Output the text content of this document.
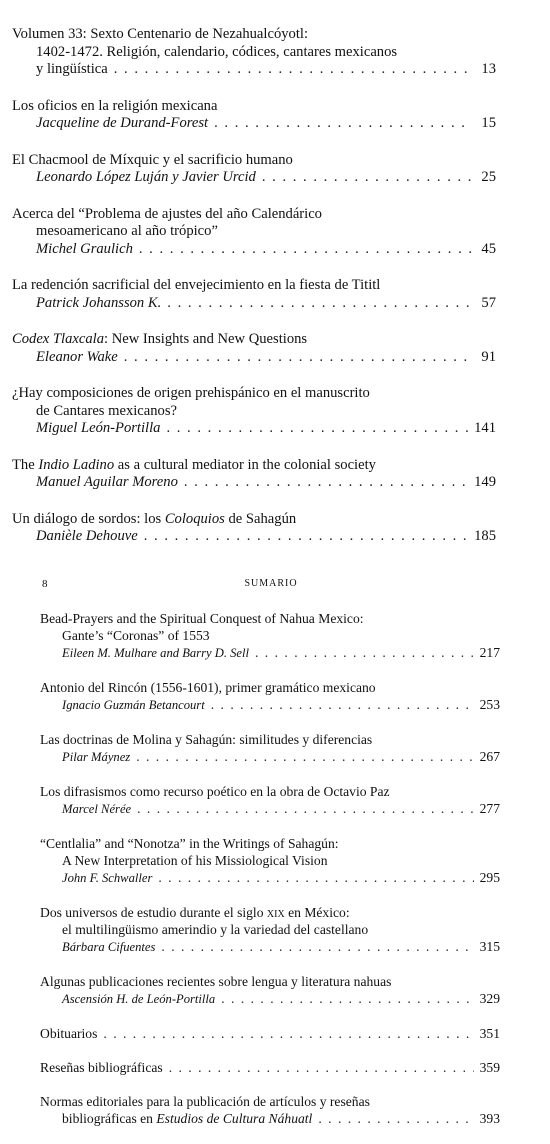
Volumen 33: Sexto Centenario de Nezahualcóyotl:
1402-1472. Religión, calendario, códices, cantares mexicanos
y lingüística . . .	13
Los oficios en la religión mexicana
Jacqueline de Durand-Forest . . .	15
El Chacmool de Míxquic y el sacrificio humano
Leonardo López Luján y Javier Urcid . . .	25
Acerca del “Problema de ajustes del año Calendárico
mesoamericano al año trópico”
Michel Graulich . . .	45
La redención sacrificial del envejecimiento en la fiesta de Tititl
Patrick Johansson K. . . .	57
Codex Tlaxcala: New Insights and New Questions
Eleanor Wake . . .	91
¿Hay composiciones de origen prehispánico en el manuscrito
de Cantares mexicanos?
Miguel León-Portilla . . .	141
The Indio Ladino as a cultural mediator in the colonial society
Manuel Aguilar Moreno . . .	149
Un diálogo de sordos: los Coloquios de Sahagún
Danièle Dehouve . . .	185
8	SUMARIO
Bead-Prayers and the Spiritual Conquest of Nahua Mexico:
Gante’s “Coronas” of 1553
Eileen M. Mulhare and Barry D. Sell . . .	217
Antonio del Rincón (1556-1601), primer gramático mexicano
Ignacio Guzmán Betancourt . . .	253
Las doctrinas de Molina y Sahagún: similitudes y diferencias
Pilar Máynez . . .	267
Los difrasismos como recurso poético en la obra de Octavio Paz
Marcel Nérée . . .	277
“Centlalia” and “Nonotza” in the Writings of Sahagún:
A New Interpretation of his Missiological Vision
John F. Schwaller . . .	295
Dos universos de estudio durante el siglo xix en México:
el multilingüismo amerindio y la variedad del castellano
Bárbara Cifuentes . . .	315
Algunas publicaciones recientes sobre lengua y literatura nahuas
Ascensión H. de León-Portilla . . .	329
Obituarios . . .	351
Reseñas bibliográficas . . .	359
Normas editoriales para la publicación de artículos y reseñas
bibliográficas en Estudios de Cultura Náhuatl . . .	393
